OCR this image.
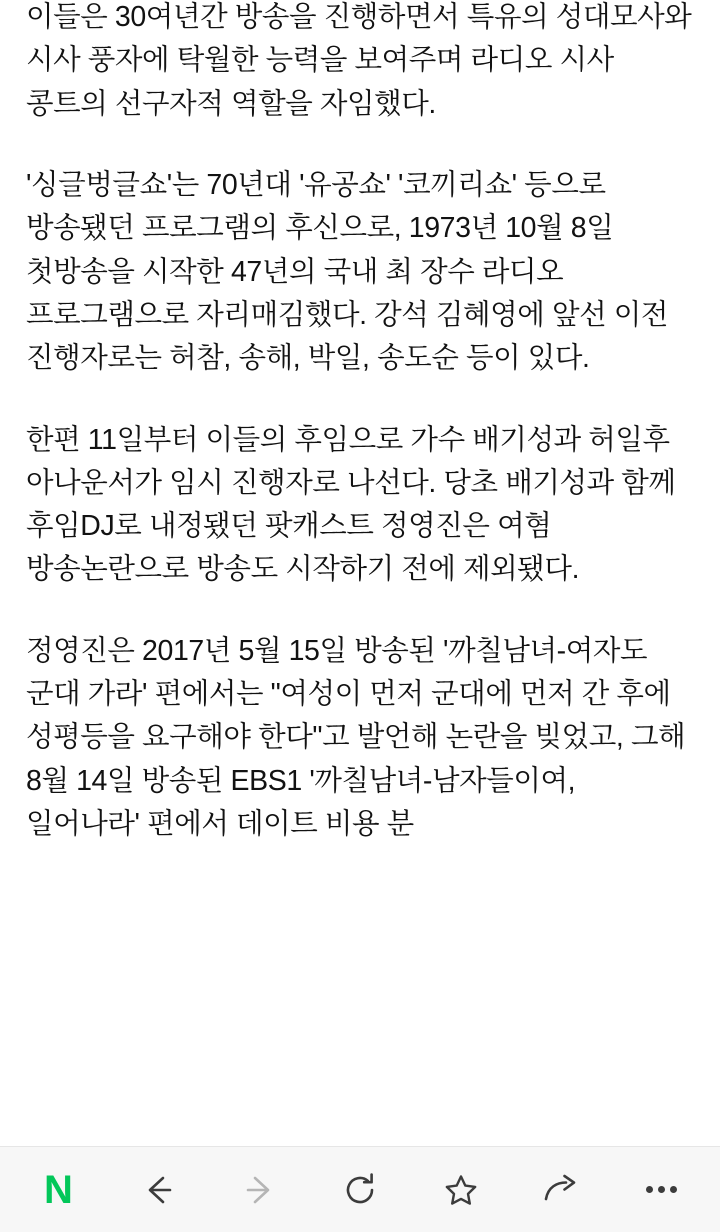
이들은 30여년간 방송을 진행하면서 특유의 성대모사와 시사 풍자에 탁월한 능력을 보여주며 라디오 시사 콩트의 선구자적 역할을 자임했다.

'싱글벙글쇼'는 70년대 '유공쇼' '코끼리쇼' 등으로 방송됐던 프로그램의 후신으로, 1973년 10월 8일 첫방송을 시작한 47년의 국내 최 장수 라디오 프로그램으로 자리매김했다. 강석 김혜영에 앞선 이전 진행자로는 허참, 송해, 박일, 송도순 등이 있다.

한편 11일부터 이들의 후임으로 가수 배기성과 허일후 아나운서가 임시 진행자로 나선다. 당초 배기성과 함께 후임DJ로 내정됐던 팟캐스트 정영진은 여혐 방송논란으로 방송도 시작하기 전에 제외됐다.

정영진은 2017년 5월 15일 방송된 '까칠남녀-여자도 군대 가라' 편에서는 "여성이 먼저 군대에 먼저 간 후에 성평등을 요구해야 한다"고 발언해 논란을 빚었고, 그해 8월 14일 방송된 EBS1 '까칠남녀-남자들이여, 일어나라' 편에서 데이트 비용 분

N
